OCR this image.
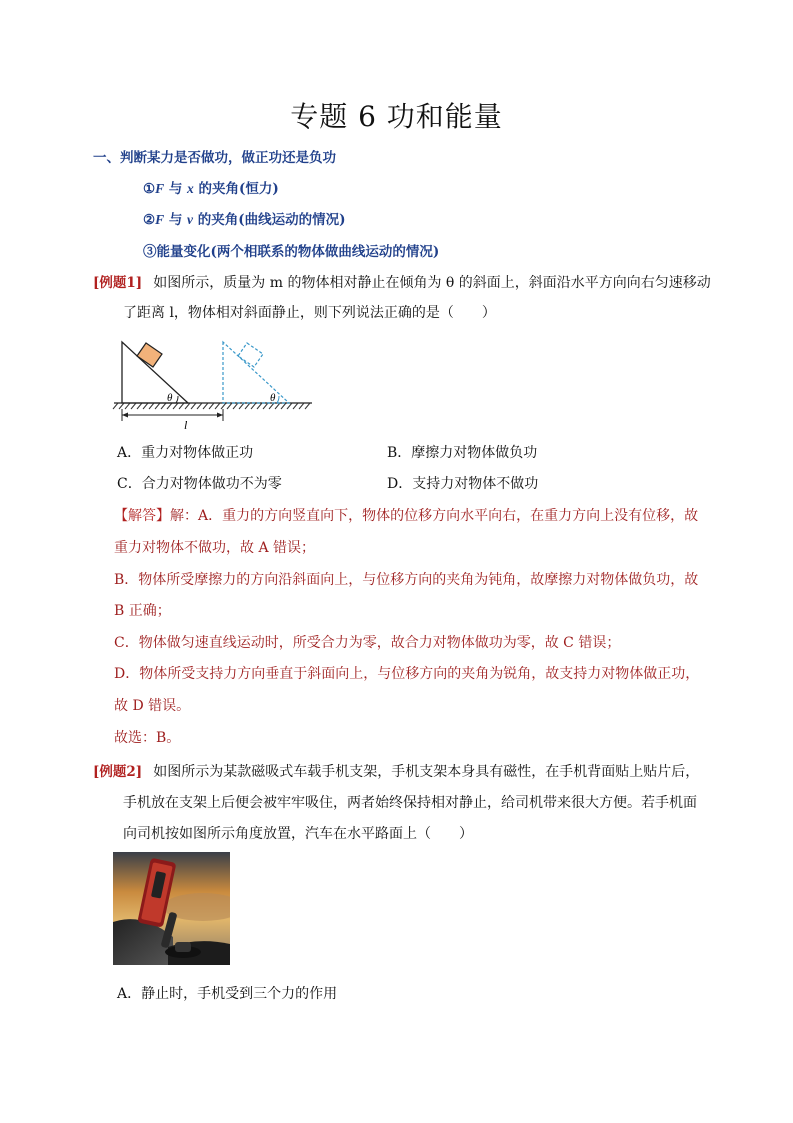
专题 6 功和能量
一、判断某力是否做功，做正功还是负功
①F 与 x 的夹角(恒力)
②F 与 v 的夹角(曲线运动的情况)
③能量变化(两个相联系的物体做曲线运动的情况)
[例题1] 如图所示，质量为 m 的物体相对静止在倾角为 θ 的斜面上，斜面沿水平方向向右匀速移动
了距离 l，物体相对斜面静止，则下列说法正确的是（　　）
θ	θ
l
A．重力对物体做正功	B．摩擦力对物体做负功
C．合力对物体做功不为零	D．支持力对物体不做功
【解答】解：A．重力的方向竖直向下，物体的位移方向水平向右，在重力方向上没有位移，故
重力对物体不做功，故 A 错误；
B．物体所受摩擦力的方向沿斜面向上，与位移方向的夹角为钝角，故摩擦力对物体做负功，故
B 正确；
C．物体做匀速直线运动时，所受合力为零，故合力对物体做功为零，故 C 错误；
D．物体所受支持力方向垂直于斜面向上，与位移方向的夹角为锐角，故支持力对物体做正功，
故 D 错误。
故选：B。
[例题2] 如图所示为某款磁吸式车载手机支架，手机支架本身具有磁性，在手机背面贴上贴片后，
手机放在支架上后便会被牢牢吸住，两者始终保持相对静止，给司机带来很大方便。若手机面
向司机按如图所示角度放置，汽车在水平路面上（　　）
A．静止时，手机受到三个力的作用
